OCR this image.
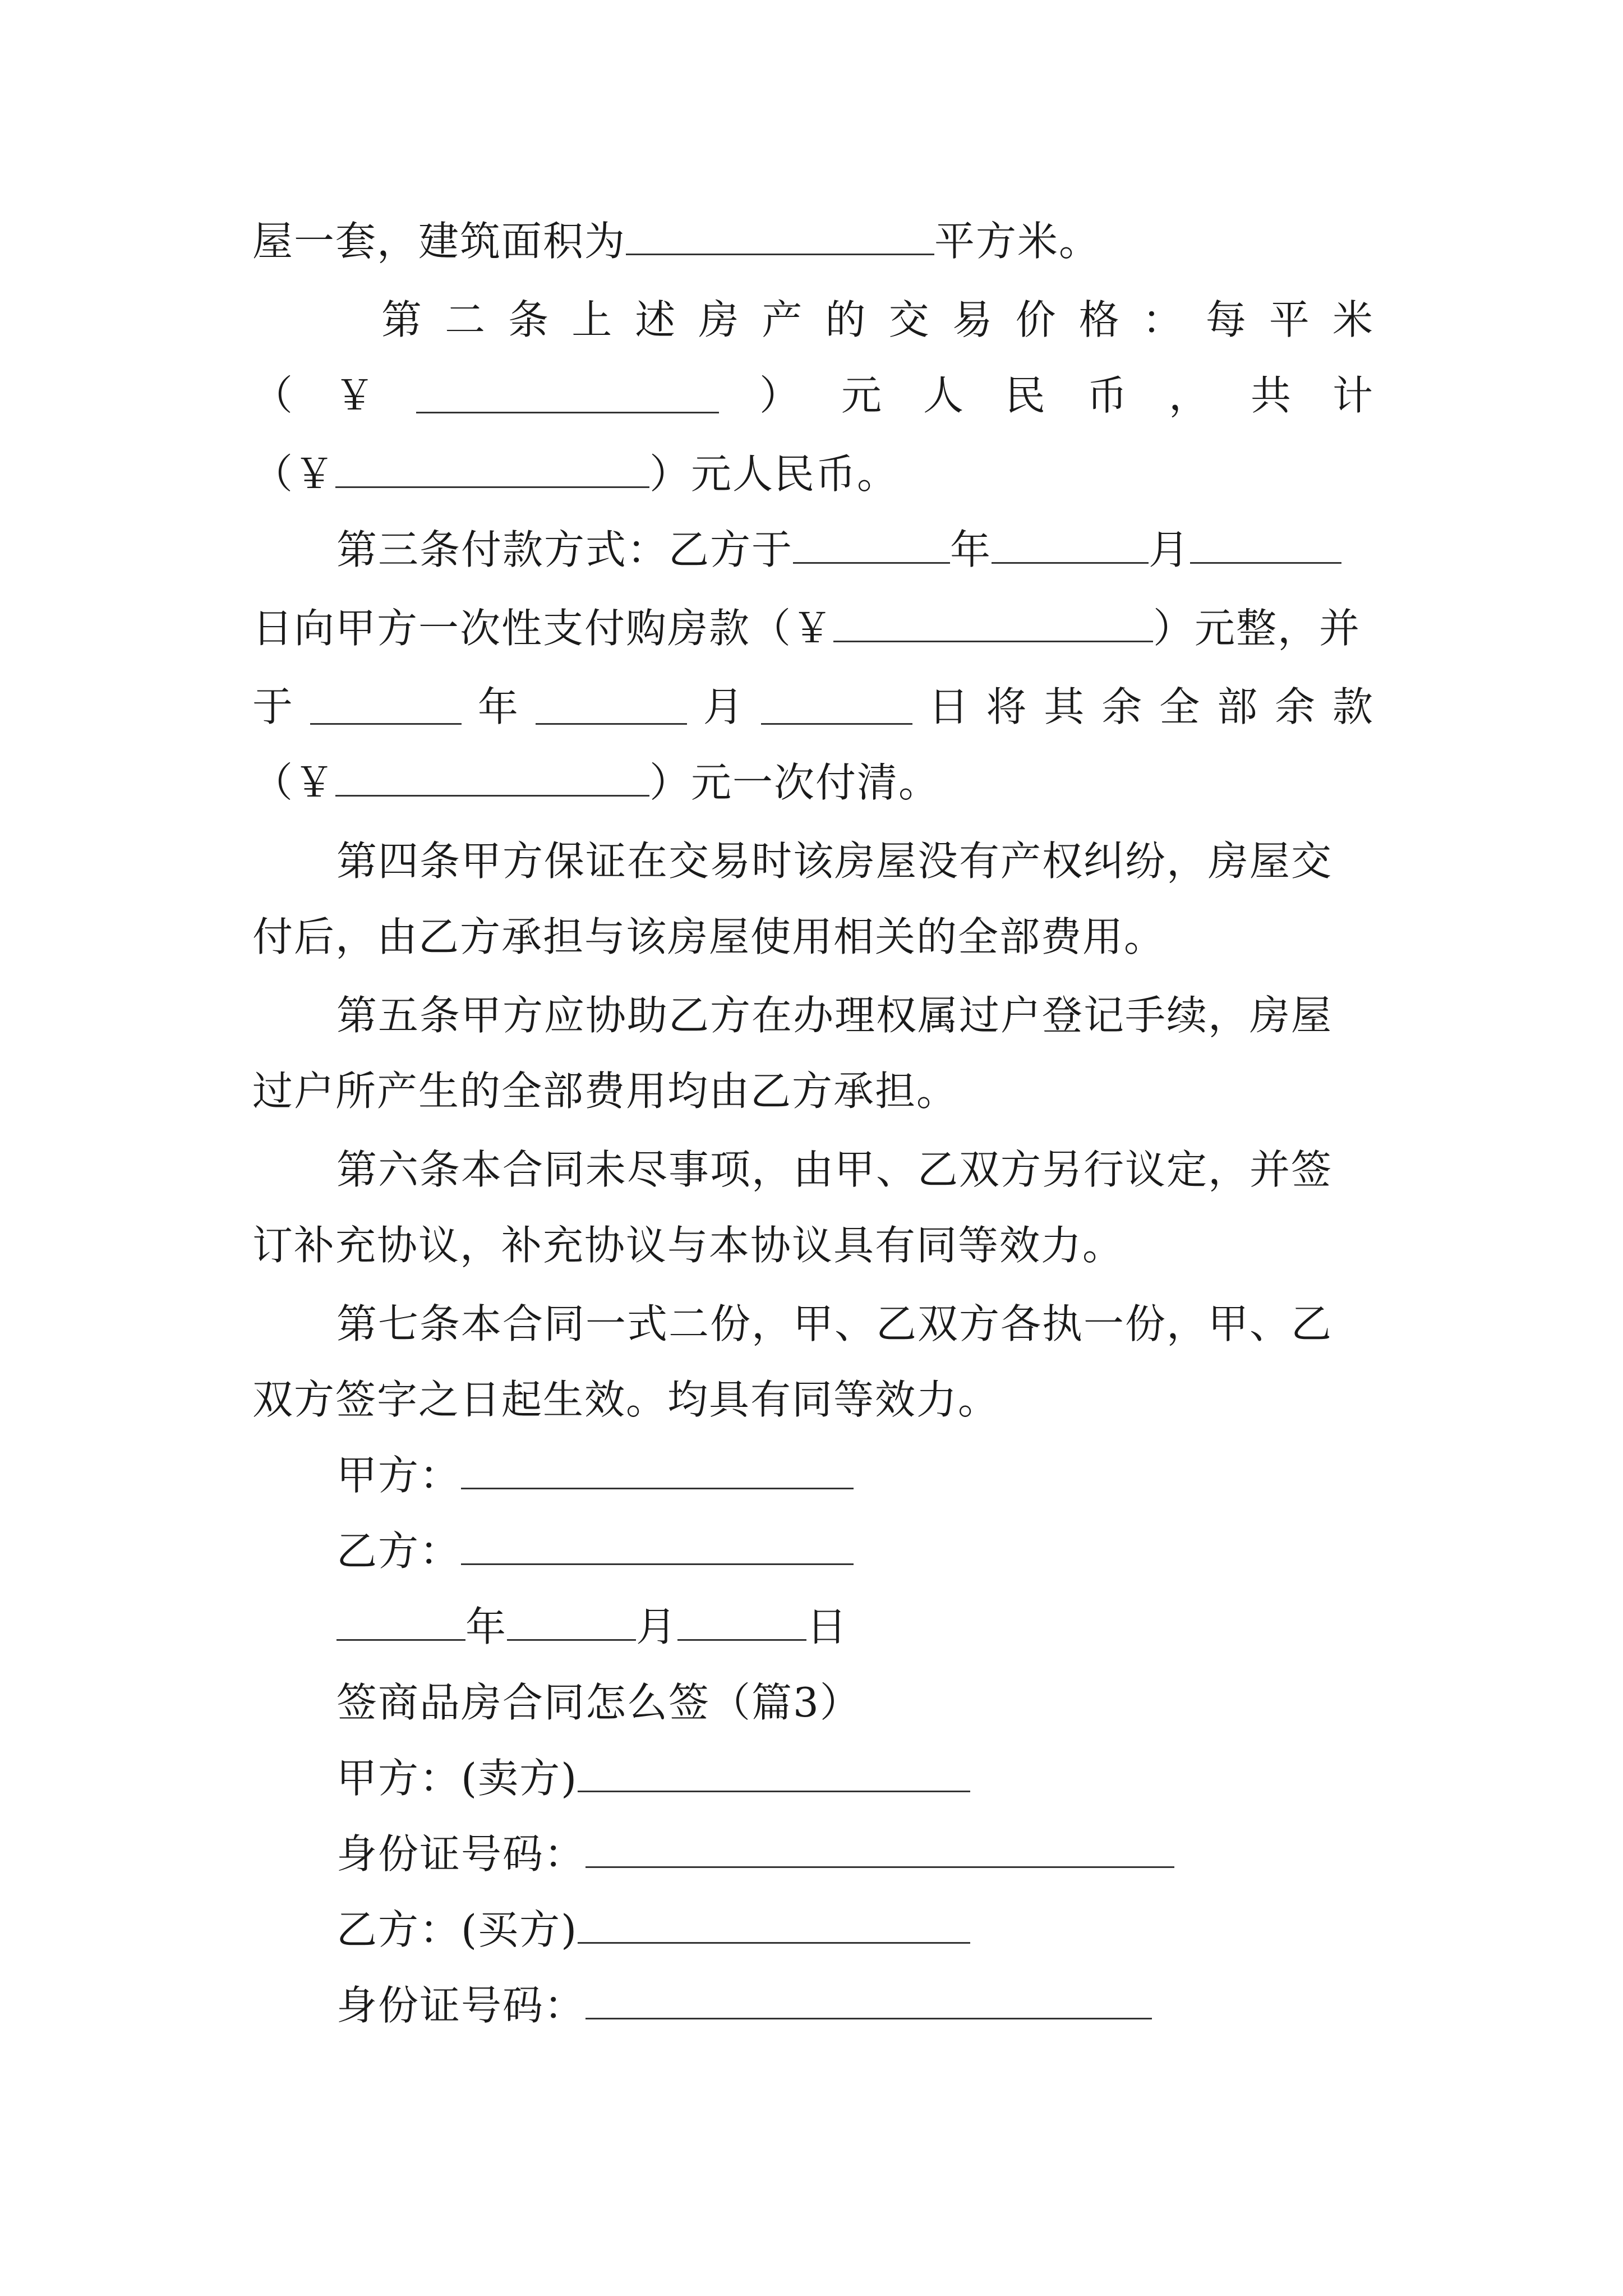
屋一套，建筑面积为	平方米。
第 二 条 上 述 房 产 的 交 易 价 格 ： 每 平 米
（ ￥	） 元 人 民 币 ， 共 计
（￥	）元人民币。
第三条付款方式：乙方于	年	月
日向甲方一次性支付购房款（￥	）元整，并
于	年	月	日 将 其 余 全 部 余 款
（￥	）元一次付清。
第四条甲方保证在交易时该房屋没有产权纠纷，房屋交
付后，由乙方承担与该房屋使用相关的全部费用。
第五条甲方应协助乙方在办理权属过户登记手续，房屋
过户所产生的全部费用均由乙方承担。
第六条本合同未尽事项，由甲、乙双方另行议定，并签
订补充协议，补充协议与本协议具有同等效力。
第七条本合同一式二份，甲、乙双方各执一份，甲、乙
双方签字之日起生效。均具有同等效力。
甲方：
乙方：
年	月	日
签商品房合同怎么签（篇3）
甲方：(卖方)
身份证号码：
乙方：(买方)
身份证号码：
